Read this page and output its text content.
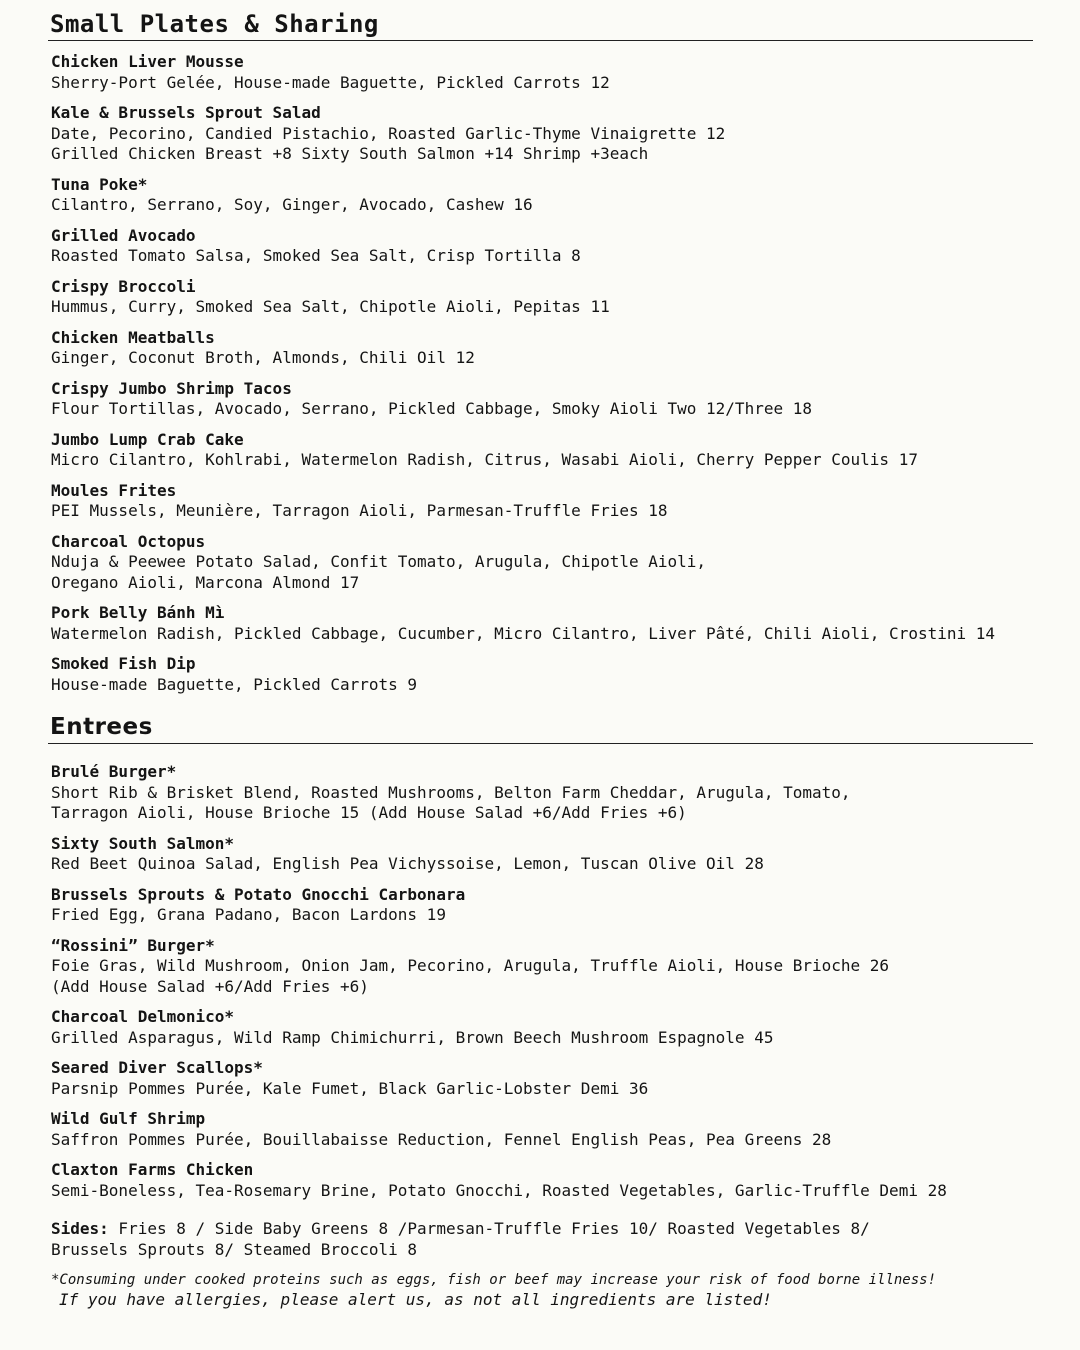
Small Plates & Sharing
Chicken Liver Mousse
Sherry-Port Gelée, House-made Baguette, Pickled Carrots 12
Kale & Brussels Sprout Salad
Date, Pecorino, Candied Pistachio, Roasted Garlic-Thyme Vinaigrette 12
Grilled Chicken Breast +8 Sixty South Salmon +14 Shrimp +3each
Tuna Poke*
Cilantro, Serrano, Soy, Ginger, Avocado, Cashew 16
Grilled Avocado
Roasted Tomato Salsa, Smoked Sea Salt, Crisp Tortilla 8
Crispy Broccoli
Hummus, Curry, Smoked Sea Salt, Chipotle Aioli, Pepitas 11
Chicken Meatballs
Ginger, Coconut Broth, Almonds, Chili Oil 12
Crispy Jumbo Shrimp Tacos
Flour Tortillas, Avocado, Serrano, Pickled Cabbage, Smoky Aioli Two 12/Three 18
Jumbo Lump Crab Cake
Micro Cilantro, Kohlrabi, Watermelon Radish, Citrus, Wasabi Aioli, Cherry Pepper Coulis 17
Moules Frites
PEI Mussels, Meunière, Tarragon Aioli, Parmesan-Truffle Fries 18
Charcoal Octopus
Nduja & Peewee Potato Salad, Confit Tomato, Arugula, Chipotle Aioli,
Oregano Aioli, Marcona Almond 17
Pork Belly Bánh Mì
Watermelon Radish, Pickled Cabbage, Cucumber, Micro Cilantro, Liver Pâté, Chili Aioli, Crostini 14
Smoked Fish Dip
House-made Baguette, Pickled Carrots 9
Entrees
Brulé Burger*
Short Rib & Brisket Blend, Roasted Mushrooms, Belton Farm Cheddar, Arugula, Tomato,
Tarragon Aioli, House Brioche 15 (Add House Salad +6/Add Fries +6)
Sixty South Salmon*
Red Beet Quinoa Salad, English Pea Vichyssoise, Lemon, Tuscan Olive Oil 28
Brussels Sprouts & Potato Gnocchi Carbonara
Fried Egg, Grana Padano, Bacon Lardons 19
“Rossini” Burger*
Foie Gras, Wild Mushroom, Onion Jam, Pecorino, Arugula, Truffle Aioli, House Brioche 26
(Add House Salad +6/Add Fries +6)
Charcoal Delmonico*
Grilled Asparagus, Wild Ramp Chimichurri, Brown Beech Mushroom Espagnole 45
Seared Diver Scallops*
Parsnip Pommes Purée, Kale Fumet, Black Garlic-Lobster Demi 36
Wild Gulf Shrimp
Saffron Pommes Purée, Bouillabaisse Reduction, Fennel English Peas, Pea Greens 28
Claxton Farms Chicken
Semi-Boneless, Tea-Rosemary Brine, Potato Gnocchi, Roasted Vegetables, Garlic-Truffle Demi 28
Sides: Fries 8 / Side Baby Greens 8 /Parmesan-Truffle Fries 10/ Roasted Vegetables 8/
Brussels Sprouts 8/ Steamed Broccoli 8
*Consuming under cooked proteins such as eggs, fish or beef may increase your risk of food borne illness!
If you have allergies, please alert us, as not all ingredients are listed!
